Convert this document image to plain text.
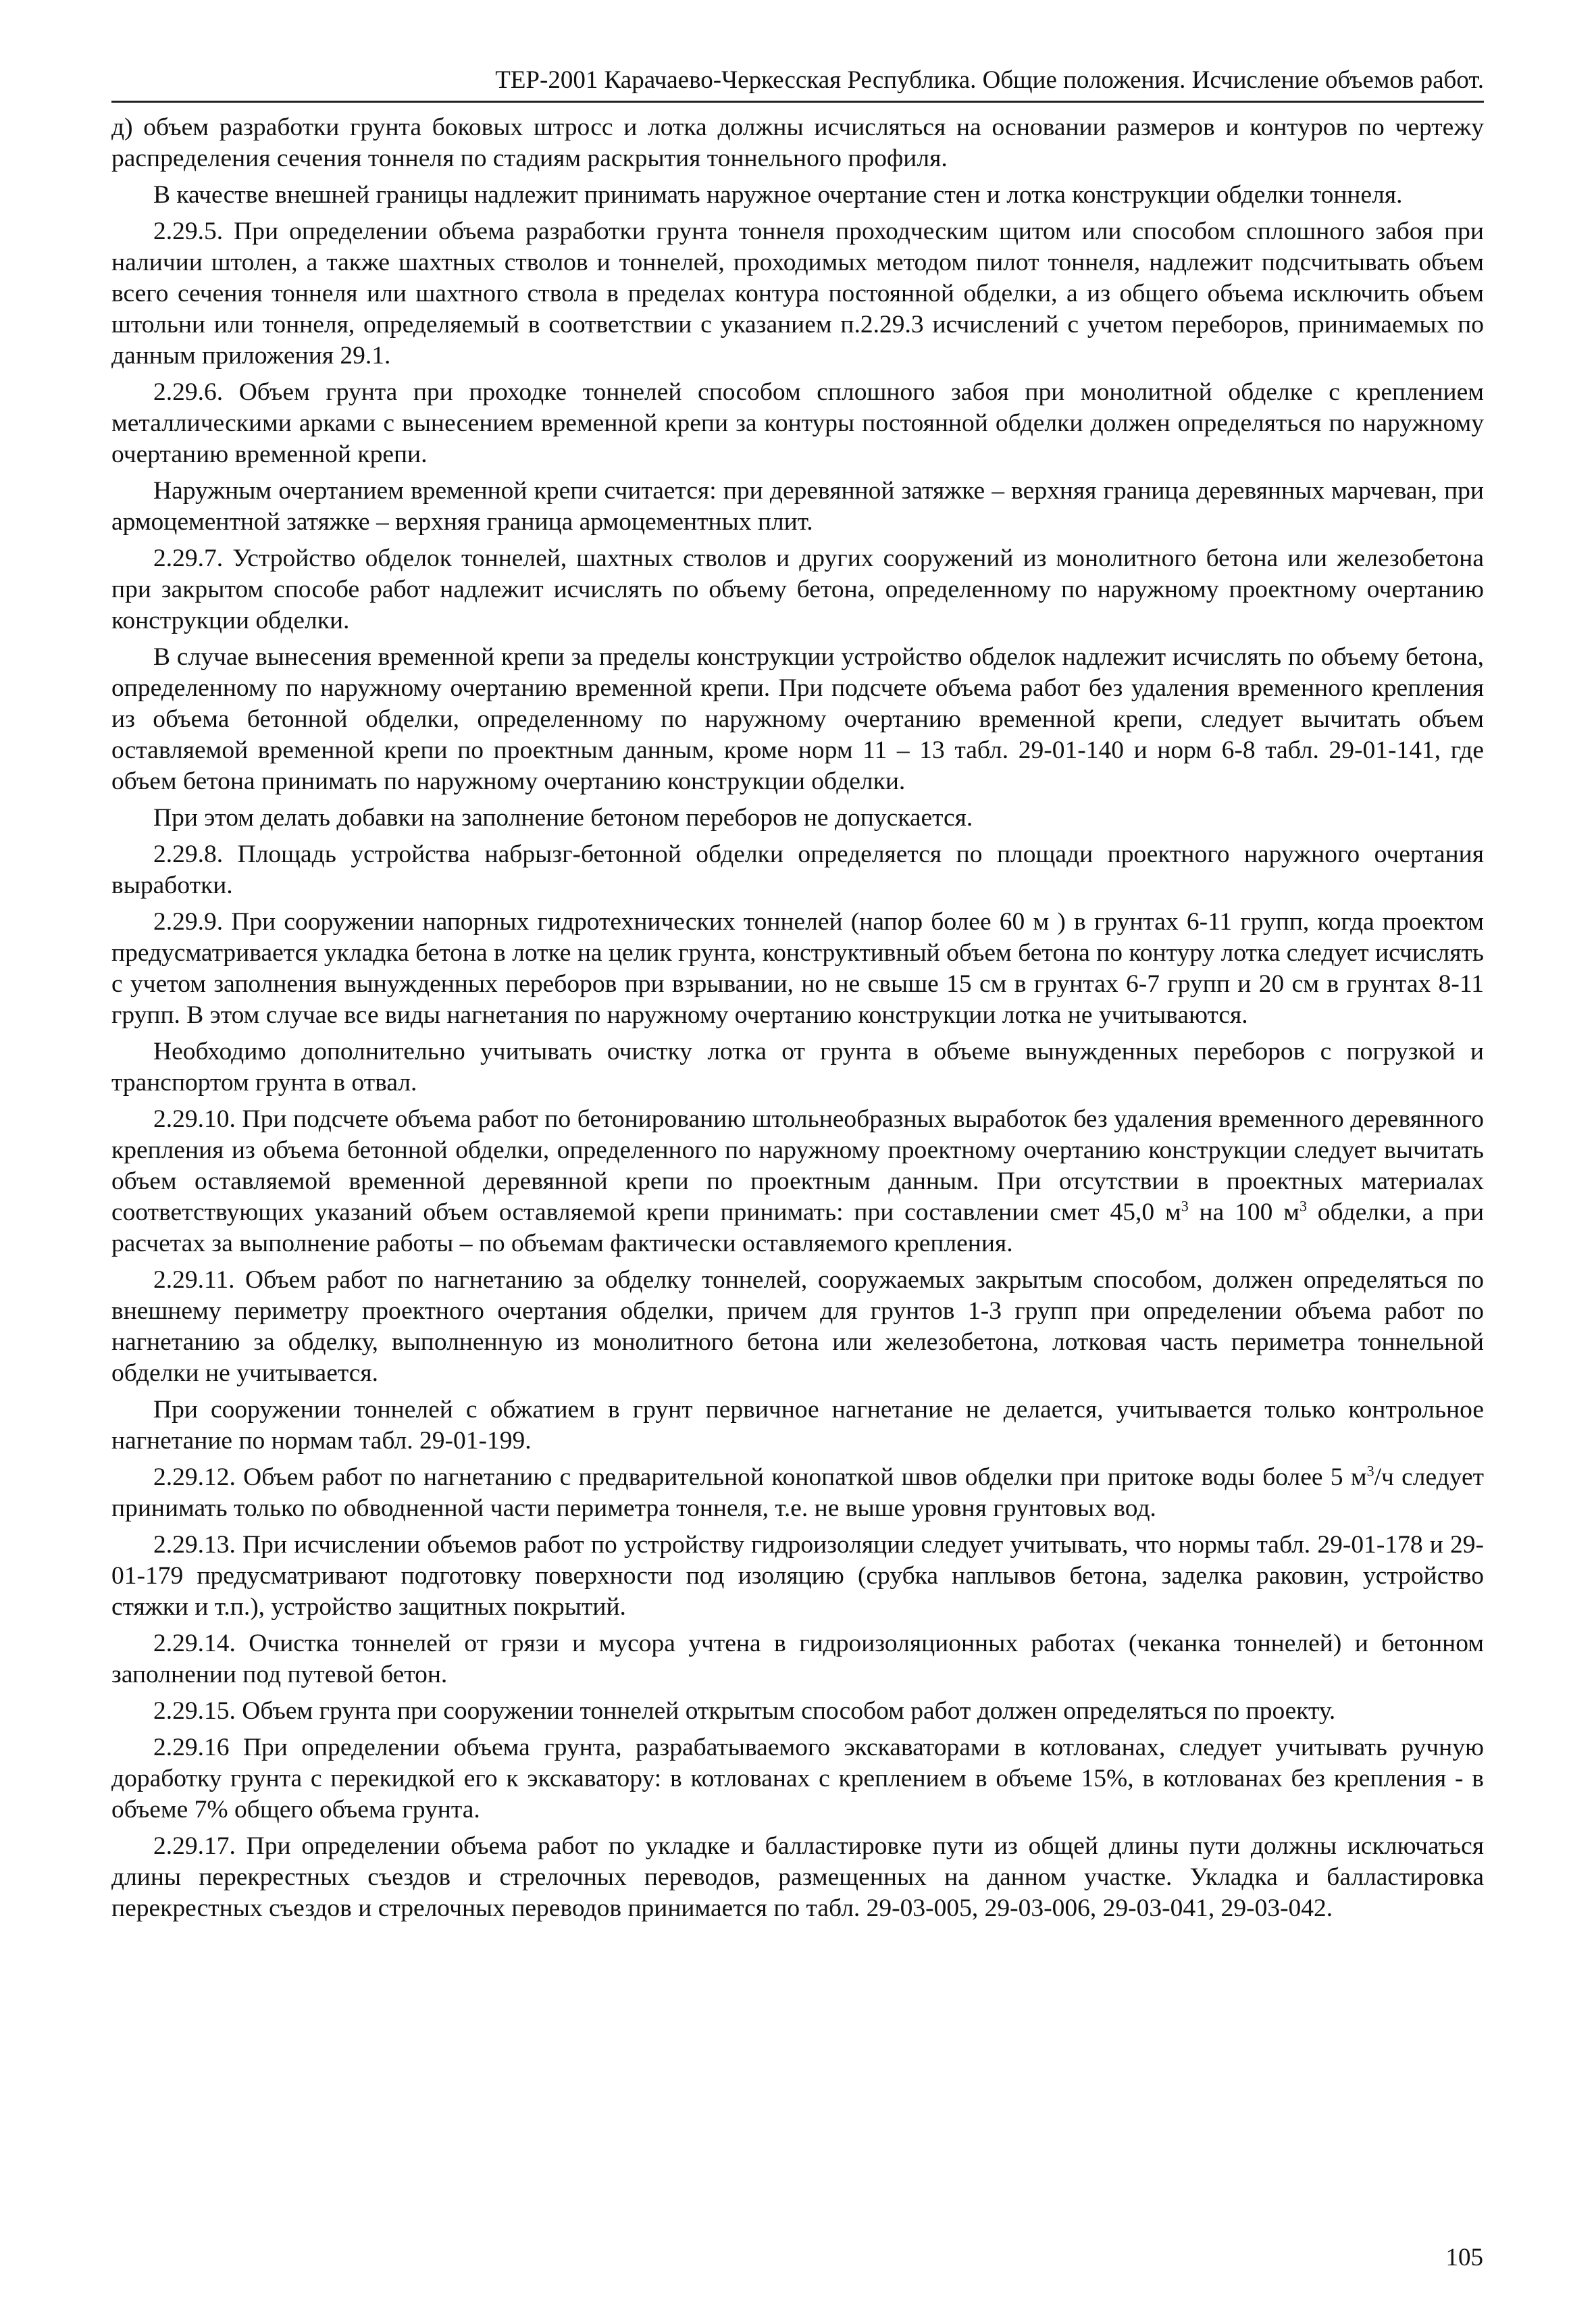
ТЕР-2001 Карачаево-Черкесская Республика. Общие положения. Исчисление объемов работ.

д) объем разработки грунта боковых штросс и лотка должны исчисляться на основании размеров и контуров по чертежу распределения сечения тоннеля по стадиям раскрытия тоннельного профиля.

В качестве внешней границы надлежит принимать наружное очертание стен и лотка конструкции обделки тоннеля.

2.29.5. При определении объема разработки грунта тоннеля проходческим щитом или способом сплошного забоя при наличии штолен, а также шахтных стволов и тоннелей, проходимых методом пилот тоннеля, надлежит подсчитывать объем всего сечения тоннеля или шахтного ствола в пределах контура постоянной обделки, а из общего объема исключить объем штольни или тоннеля, определяемый в соответствии с указанием п.2.29.3 исчислений с учетом переборов, принимаемых по данным приложения 29.1.

2.29.6. Объем грунта при проходке тоннелей способом сплошного забоя при монолитной обделке с креплением металлическими арками с вынесением временной крепи за контуры постоянной обделки должен определяться по наружному очертанию временной крепи.

Наружным очертанием временной крепи считается: при деревянной затяжке – верхняя граница деревянных марчеван, при армоцементной затяжке – верхняя граница армоцементных плит.

2.29.7. Устройство обделок тоннелей, шахтных стволов и других сооружений из монолитного бетона или железобетона при закрытом способе работ надлежит исчислять по объему бетона, определенному по наружному проектному очертанию конструкции обделки.

В случае вынесения временной крепи за пределы конструкции устройство обделок надлежит исчислять по объему бетона, определенному по наружному очертанию временной крепи. При подсчете объема работ без удаления временного крепления из объема бетонной обделки, определенному по наружному очертанию временной крепи, следует вычитать объем оставляемой временной крепи по проектным данным, кроме норм 11 – 13 табл. 29-01-140 и норм 6-8 табл. 29-01-141, где объем бетона принимать по наружному очертанию конструкции обделки.

При этом делать добавки на заполнение бетоном переборов не допускается.

2.29.8. Площадь устройства набрызг-бетонной обделки определяется по площади проектного наружного очертания выработки.

2.29.9. При сооружении напорных гидротехнических тоннелей (напор более 60 м ) в грунтах 6-11 групп, когда проектом предусматривается укладка бетона в лотке на целик грунта, конструктивный объем бетона по контуру лотка следует исчислять с учетом заполнения вынужденных переборов при взрывании, но не свыше 15 см в грунтах 6-7 групп и 20 см в грунтах 8-11 групп. В этом случае все виды нагнетания по наружному очертанию конструкции лотка не учитываются.

Необходимо дополнительно учитывать очистку лотка от грунта в объеме вынужденных переборов с погрузкой и транспортом грунта в отвал.

2.29.10. При подсчете объема работ по бетонированию штольнеобразных выработок без удаления временного деревянного крепления из объема бетонной обделки, определенного по наружному проектному очертанию конструкции следует вычитать объем оставляемой временной деревянной крепи по проектным данным. При отсутствии в проектных материалах соответствующих указаний объем оставляемой крепи принимать: при составлении смет 45,0 $м^3$ на 100 $м^3$ обделки, а при расчетах за выполнение работы – по объемам фактически оставляемого крепления.

2.29.11. Объем работ по нагнетанию за обделку тоннелей, сооружаемых закрытым способом, должен определяться по внешнему периметру проектного очертания обделки, причем для грунтов 1-3 групп при определении объема работ по нагнетанию за обделку, выполненную из монолитного бетона или железобетона, лотковая часть периметра тоннельной обделки не учитывается.

При сооружении тоннелей с обжатием в грунт первичное нагнетание не делается, учитывается только контрольное нагнетание по нормам табл. 29-01-199.

2.29.12. Объем работ по нагнетанию с предварительной конопаткой швов обделки при притоке воды более 5 $м^3/ч$ следует принимать только по обводненной части периметра тоннеля, т.е. не выше уровня грунтовых вод.

2.29.13. При исчислении объемов работ по устройству гидроизоляции следует учитывать, что нормы табл. 29-01-178 и 29-01-179 предусматривают подготовку поверхности под изоляцию (срубка наплывов бетона, заделка раковин, устройство стяжки и т.п.), устройство защитных покрытий.

2.29.14. Очистка тоннелей от грязи и мусора учтена в гидроизоляционных работах (чеканка тоннелей) и бетонном заполнении под путевой бетон.

2.29.15. Объем грунта при сооружении тоннелей открытым способом работ должен определяться по проекту.

2.29.16 При определении объема грунта, разрабатываемого экскаваторами в котлованах, следует учитывать ручную доработку грунта с перекидкой его к экскаватору: в котлованах с креплением в объеме 15%, в котлованах без крепления - в объеме 7% общего объема грунта.

2.29.17. При определении объема работ по укладке и балластировке пути из общей длины пути должны исключаться длины перекрестных съездов и стрелочных переводов, размещенных на данном участке. Укладка и балластировка перекрестных съездов и стрелочных переводов принимается по табл. 29-03-005, 29-03-006, 29-03-041, 29-03-042.

105
